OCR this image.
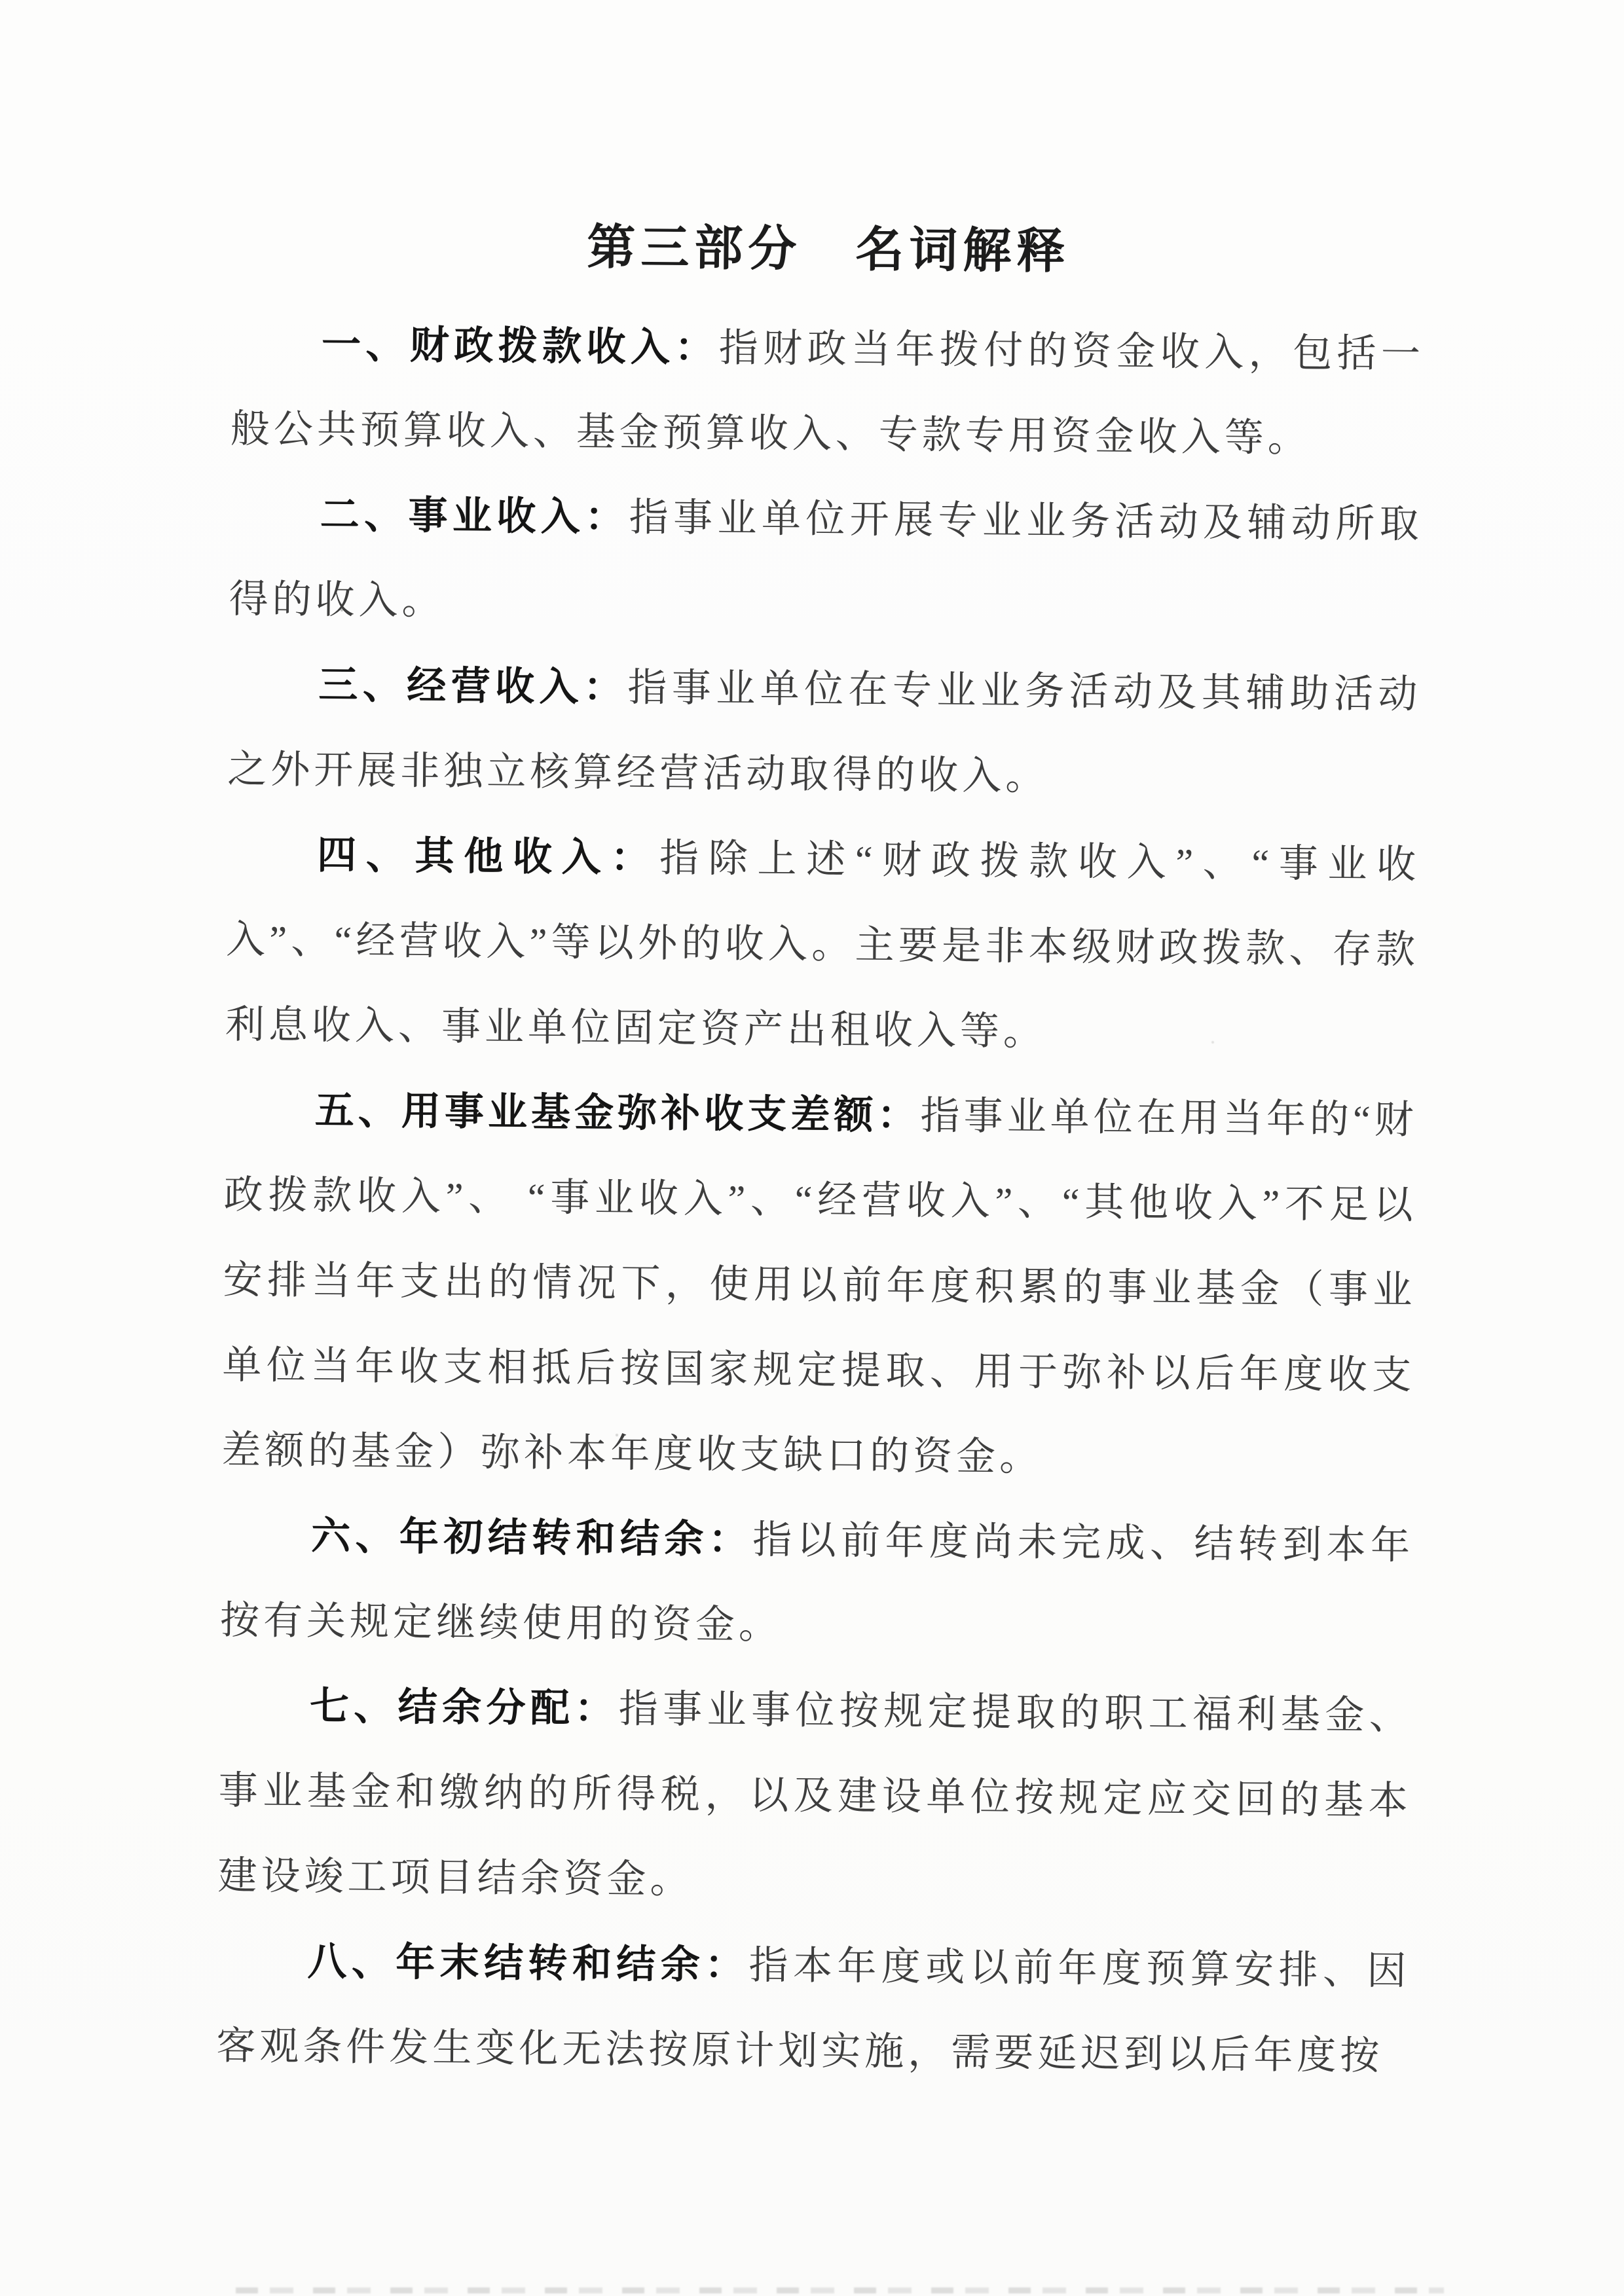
第三部分　名词解释

一、财政拨款收入：指财政当年拨付的资金收入，包括一般公共预算收入、基金预算收入、专款专用资金收入等。

二、事业收入：指事业单位开展专业业务活动及辅动所取得的收入。

三、经营收入：指事业单位在专业业务活动及其辅助活动之外开展非独立核算经营活动取得的收入。

四、其他收入：指除上述“财政拨款收入”、“事业收入”、“经营收入”等以外的收入。主要是非本级财政拨款、存款利息收入、事业单位固定资产出租收入等。

五、用事业基金弥补收支差额：指事业单位在用当年的“财政拨款收入”、 “事业收入”、“经营收入”、“其他收入”不足以安排当年支出的情况下，使用以前年度积累的事业基金（事业单位当年收支相抵后按国家规定提取、用于弥补以后年度收支差额的基金）弥补本年度收支缺口的资金。

六、年初结转和结余：指以前年度尚未完成、结转到本年按有关规定继续使用的资金。

七、结余分配：指事业事位按规定提取的职工福利基金、事业基金和缴纳的所得税，以及建设单位按规定应交回的基本建设竣工项目结余资金。

八、年末结转和结余：指本年度或以前年度预算安排、因客观条件发生变化无法按原计划实施，需要延迟到以后年度按
